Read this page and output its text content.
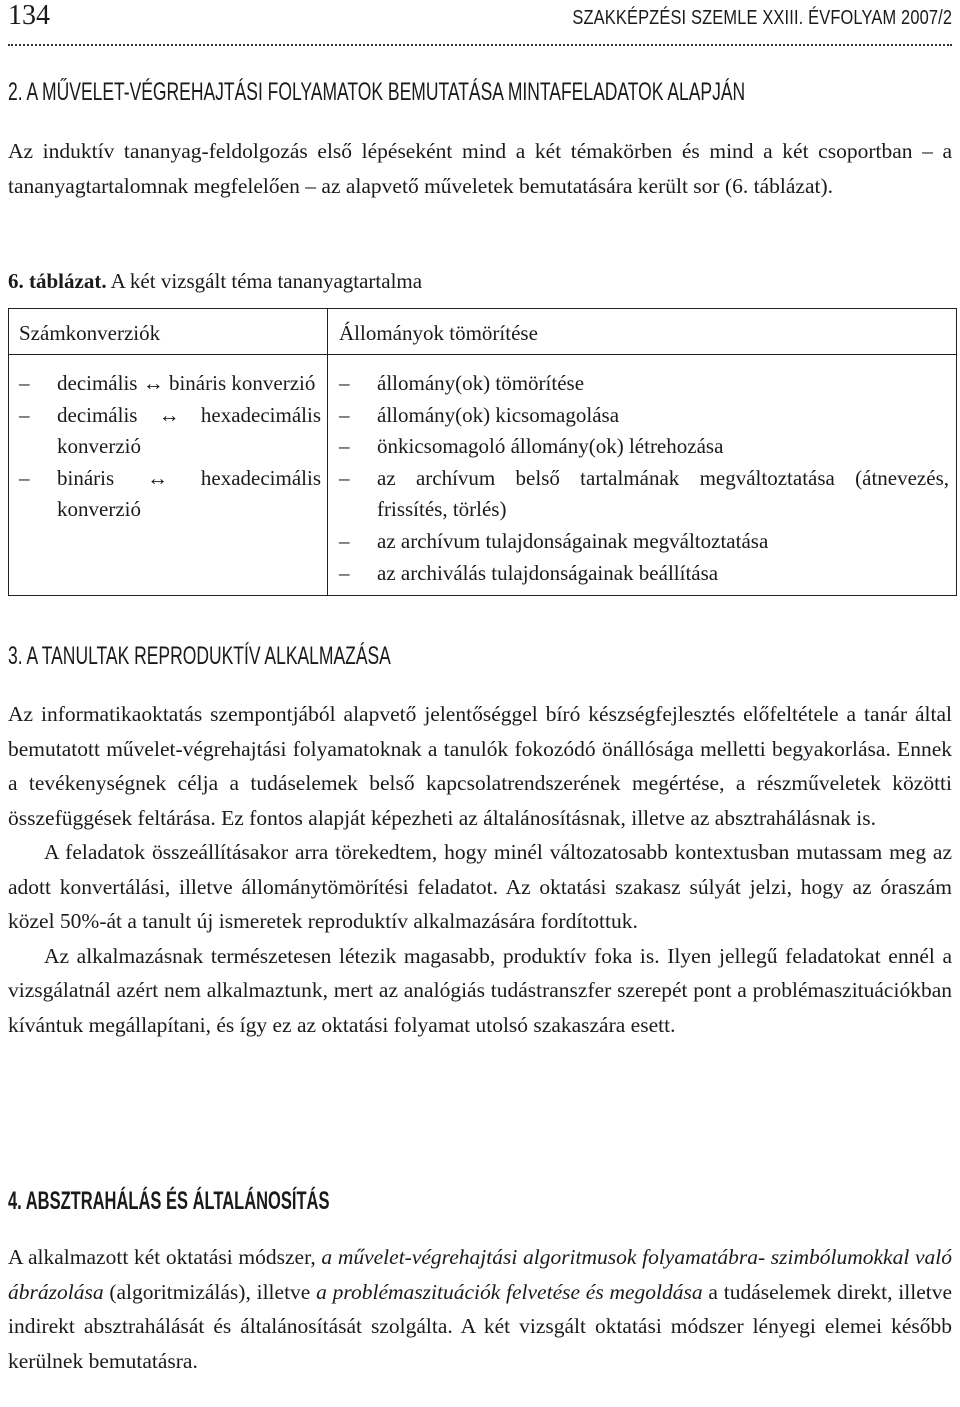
134	SZAKKÉPZÉSI SZEMLE XXIII. ÉVFOLYAM 2007/2
2. A MŰVELET-VÉGREHAJTÁSI FOLYAMATOK BEMUTATÁSA MINTAFELADATOK ALAPJÁN

Az induktív tananyag-feldolgozás első lépéseként mind a két témakörben és mind a két csoportban – a tananyagtartalomnak megfelelően – az alapvető műveletek bemutatására került sor (6. táblázat).

6. táblázat. A két vizsgált téma tananyagtartalma
Számkonverziók	Állományok tömörítése
– decimális ↔ bináris konverzió
– decimális ↔ hexadecimális konverzió
– bináris ↔ hexadecimális konverzió
– állomány(ok) tömörítése
– állomány(ok) kicsomagolása
– önkicsomagoló állomány(ok) létrehozása
– az archívum belső tartalmának megváltoztatása (átnevezés, frissítés, törlés)
– az archívum tulajdonságainak megváltoztatása
– az archiválás tulajdonságainak beállítása
3. A TANULTAK REPRODUKTÍV ALKALMAZÁSA

Az informatikaoktatás szempontjából alapvető jelentőséggel bíró készségfejlesztés előfeltétele a tanár által bemutatott művelet-végrehajtási folyamatoknak a tanulók fokozódó önállósága melletti begyakorlása. Ennek a tevékenységnek célja a tudáselemek belső kapcsolatrendszerének megértése, a részműveletek közötti összefüggések feltárása. Ez fontos alapját képezheti az általánosításnak, illetve az absztrahálásnak is.

A feladatok összeállításakor arra törekedtem, hogy minél változatosabb kontextusban mutassam meg az adott konvertálási, illetve állománytömörítési feladatot. Az oktatási szakasz súlyát jelzi, hogy az óraszám közel 50%-át a tanult új ismeretek reproduktív alkalmazására fordítottuk.

Az alkalmazásnak természetesen létezik magasabb, produktív foka is. Ilyen jellegű feladatokat ennél a vizsgálatnál azért nem alkalmaztunk, mert az analógiás tudástranszfer szerepét pont a problémaszituációkban kívántuk megállapítani, és így ez az oktatási folyamat utolsó szakaszára esett.

4. ABSZTRAHÁLÁS ÉS ÁLTALÁNOSÍTÁS

A alkalmazott két oktatási módszer, a művelet-végrehajtási algoritmusok folyamatábra- szimbólumokkal való ábrázolása (algoritmizálás), illetve a problémaszituációk felvetése és megoldása a tudáselemek direkt, illetve indirekt absztrahálását és általánosítását szolgálta. A két vizsgált oktatási módszer lényegi elemei később kerülnek bemutatásra.
